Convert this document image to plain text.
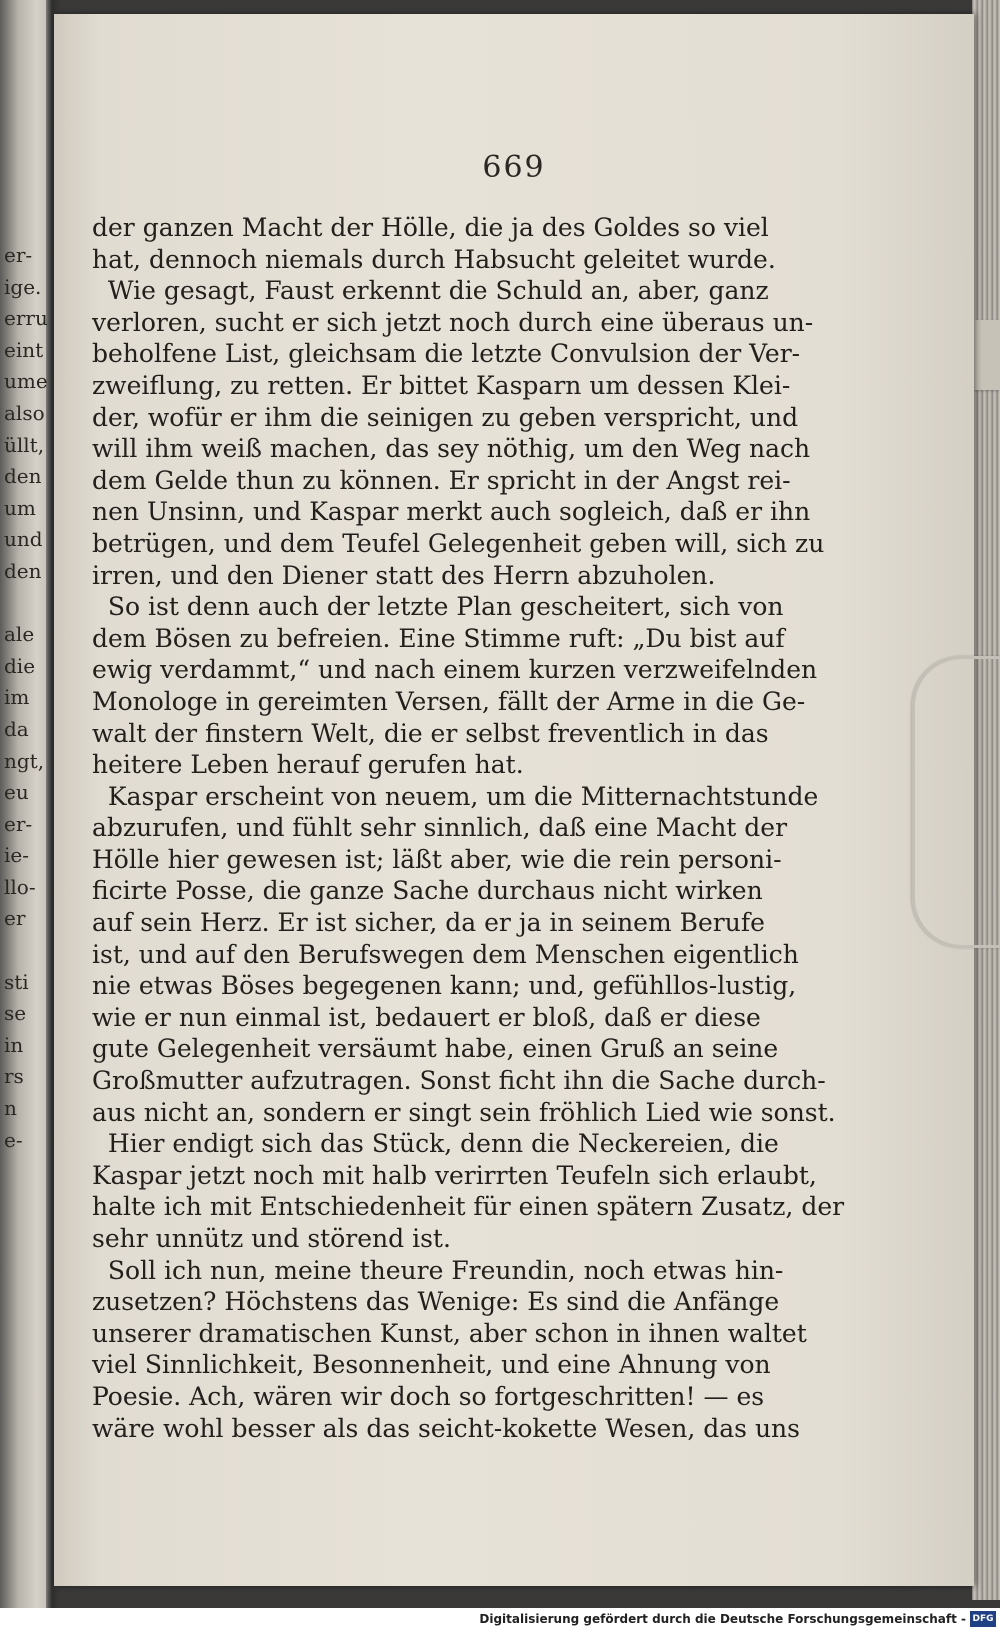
er-
ige.
erru
eint
ume
also
üllt,
den
um
und
den

ale
die
im
da
ngt,
eu
er-
ie-
llo-
er

sti
se
in
rs
n
e-
669
der ganzen Macht der Hölle, die ja des Goldes so viel
hat, dennoch niemals durch Habsucht geleitet wurde.
Wie gesagt, Faust erkennt die Schuld an, aber, ganz
verloren, sucht er sich jetzt noch durch eine überaus un-
beholfene List, gleichsam die letzte Convulsion der Ver-
zweiflung, zu retten. Er bittet Kasparn um dessen Klei-
der, wofür er ihm die seinigen zu geben verspricht, und
will ihm weiß machen, das sey nöthig, um den Weg nach
dem Gelde thun zu können. Er spricht in der Angst rei-
nen Unsinn, und Kaspar merkt auch sogleich, daß er ihn
betrügen, und dem Teufel Gelegenheit geben will, sich zu
irren, und den Diener statt des Herrn abzuholen.
So ist denn auch der letzte Plan gescheitert, sich von
dem Bösen zu befreien. Eine Stimme ruft: „Du bist auf
ewig verdammt,“ und nach einem kurzen verzweifelnden
Monologe in gereimten Versen, fällt der Arme in die Ge-
walt der finstern Welt, die er selbst freventlich in das
heitere Leben herauf gerufen hat.
Kaspar erscheint von neuem, um die Mitternachtstunde
abzurufen, und fühlt sehr sinnlich, daß eine Macht der
Hölle hier gewesen ist; läßt aber, wie die rein personi-
ficirte Posse, die ganze Sache durchaus nicht wirken
auf sein Herz. Er ist sicher, da er ja in seinem Berufe
ist, und auf den Berufswegen dem Menschen eigentlich
nie etwas Böses begegenen kann; und, gefühllos-lustig,
wie er nun einmal ist, bedauert er bloß, daß er diese
gute Gelegenheit versäumt habe, einen Gruß an seine
Großmutter aufzutragen. Sonst ficht ihn die Sache durch-
aus nicht an, sondern er singt sein fröhlich Lied wie sonst.
Hier endigt sich das Stück, denn die Neckereien, die
Kaspar jetzt noch mit halb verirrten Teufeln sich erlaubt,
halte ich mit Entschiedenheit für einen spätern Zusatz, der
sehr unnütz und störend ist.
Soll ich nun, meine theure Freundin, noch etwas hin-
zusetzen? Höchstens das Wenige: Es sind die Anfänge
unserer dramatischen Kunst, aber schon in ihnen waltet
viel Sinnlichkeit, Besonnenheit, und eine Ahnung von
Poesie. Ach, wären wir doch so fortgeschritten! — es
wäre wohl besser als das seicht-kokette Wesen, das uns
Digitalisierung gefördert durch die Deutsche Forschungsgemeinschaft - DFG
